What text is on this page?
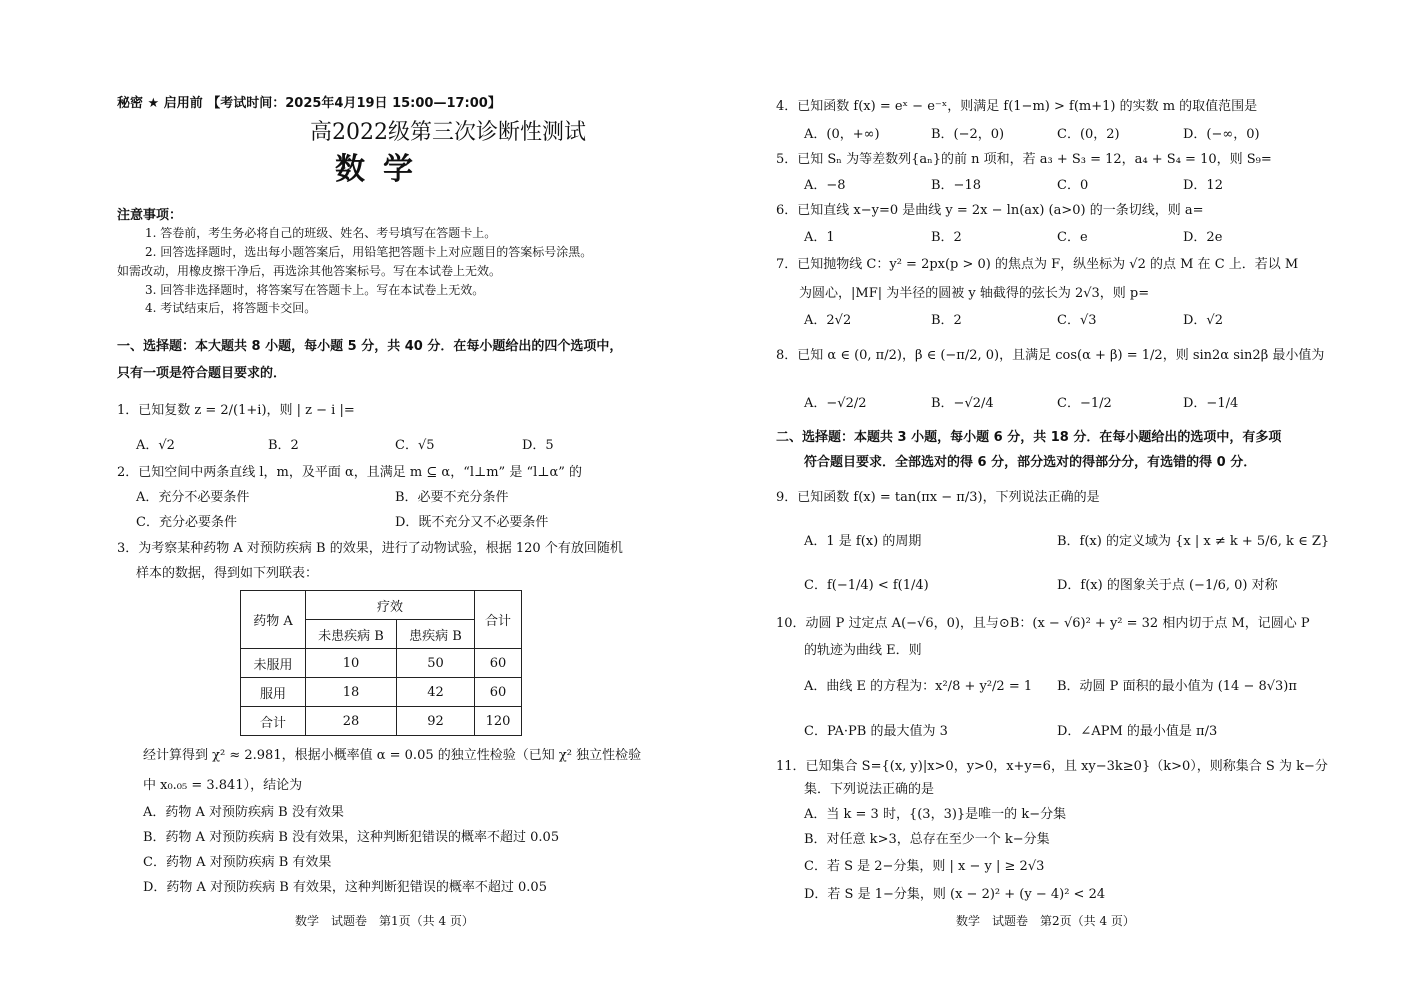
秘密 ★ 启用前 【考试时间：2025年4月19日 15:00—17:00】
高2022级第三次诊断性测试
数学
注意事项：
1. 答卷前，考生务必将自己的班级、姓名、考号填写在答题卡上。
2. 回答选择题时，选出每小题答案后，用铅笔把答题卡上对应题目的答案标号涂黑。
如需改动，用橡皮擦干净后，再选涂其他答案标号。写在本试卷上无效。
3. 回答非选择题时，将答案写在答题卡上。写在本试卷上无效。
4. 考试结束后，将答题卡交回。
一、选择题：本大题共 8 小题，每小题 5 分，共 40 分．在每小题给出的四个选项中，
只有一项是符合题目要求的．
1．已知复数 z = 2/(1+i)，则 | z − i |=
A．√2	B．2	C．√5	D．5
2．已知空间中两条直线 l，m，及平面 α，且满足 m ⊆ α，“l⊥m” 是 “l⊥α” 的
A．充分不必要条件	B．必要不充分条件
C．充分必要条件	D．既不充分又不必要条件
3．为考察某种药物 A 对预防疾病 B 的效果，进行了动物试验，根据 120 个有放回随机
样本的数据，得到如下列联表：
药物 A	疗效		合计
	未患疾病 B	患疾病 B	
未服用	10	50	60
服用	18	42	60
合计	28	92	120
经计算得到 χ² ≈ 2.981，根据小概率值 α = 0.05 的独立性检验（已知 χ² 独立性检验
中 x₀.₀₅ = 3.841），结论为
A．药物 A 对预防疾病 B 没有效果
B．药物 A 对预防疾病 B 没有效果，这种判断犯错误的概率不超过 0.05
C．药物 A 对预防疾病 B 有效果
D．药物 A 对预防疾病 B 有效果，这种判断犯错误的概率不超过 0.05
数学　试题卷　第1页（共 4 页）
4．已知函数 f(x) = eˣ − e⁻ˣ，则满足 f(1−m) > f(m+1) 的实数 m 的取值范围是
A．(0，+∞)	B．(−2，0)	C．(0，2)	D．(−∞，0)
5．已知 Sₙ 为等差数列{aₙ}的前 n 项和，若 a₃ + S₃ = 12，a₄ + S₄ = 10，则 S₉=
A．−8	B．−18	C．0	D．12
6．已知直线 x−y=0 是曲线 y = 2x − ln(ax) (a>0) 的一条切线，则 a=
A．1	B．2	C．e	D．2e
7．已知抛物线 C：y² = 2px(p > 0) 的焦点为 F，纵坐标为 √2 的点 M 在 C 上．若以 M
为圆心，|MF| 为半径的圆被 y 轴截得的弦长为 2√3，则 p=
A．2√2	B．2	C．√3	D．√2
8．已知 α ∈ (0, π/2)，β ∈ (−π/2, 0)，且满足 cos(α + β) = 1/2，则 sin2α sin2β 最小值为
A．−√2/2	B．−√2/4	C．−1/2	D．−1/4
二、选择题：本题共 3 小题，每小题 6 分，共 18 分．在每小题给出的选项中，有多项
符合题目要求．全部选对的得 6 分，部分选对的得部分分，有选错的得 0 分．
9．已知函数 f(x) = tan(πx − π/3)，下列说法正确的是
A．1 是 f(x) 的周期	B．f(x) 的定义域为 {x | x ≠ k + 5/6, k ∈ Z}
C．f(−1/4) < f(1/4)	D．f(x) 的图象关于点 (−1/6, 0) 对称
10．动圆 P 过定点 A(−√6，0)，且与⊙B：(x − √6)² + y² = 32 相内切于点 M，记圆心 P
的轨迹为曲线 E．则
A．曲线 E 的方程为：x²/8 + y²/2 = 1 B．动圆 P 面积的最小值为 (14 − 8√3)π
C．PA·PB 的最大值为 3	D．∠APM 的最小值是 π/3
11．已知集合 S={(x, y)|x>0，y>0，x+y=6，且 xy−3k≥0}（k>0），则称集合 S 为 k−分
集．下列说法正确的是
A．当 k = 3 时，{(3，3)}是唯一的 k−分集
B．对任意 k>3，总存在至少一个 k−分集
C．若 S 是 2−分集，则 | x − y | ≥ 2√3
D．若 S 是 1−分集，则 (x − 2)² + (y − 4)² < 24
数学　试题卷　第2页（共 4 页）
